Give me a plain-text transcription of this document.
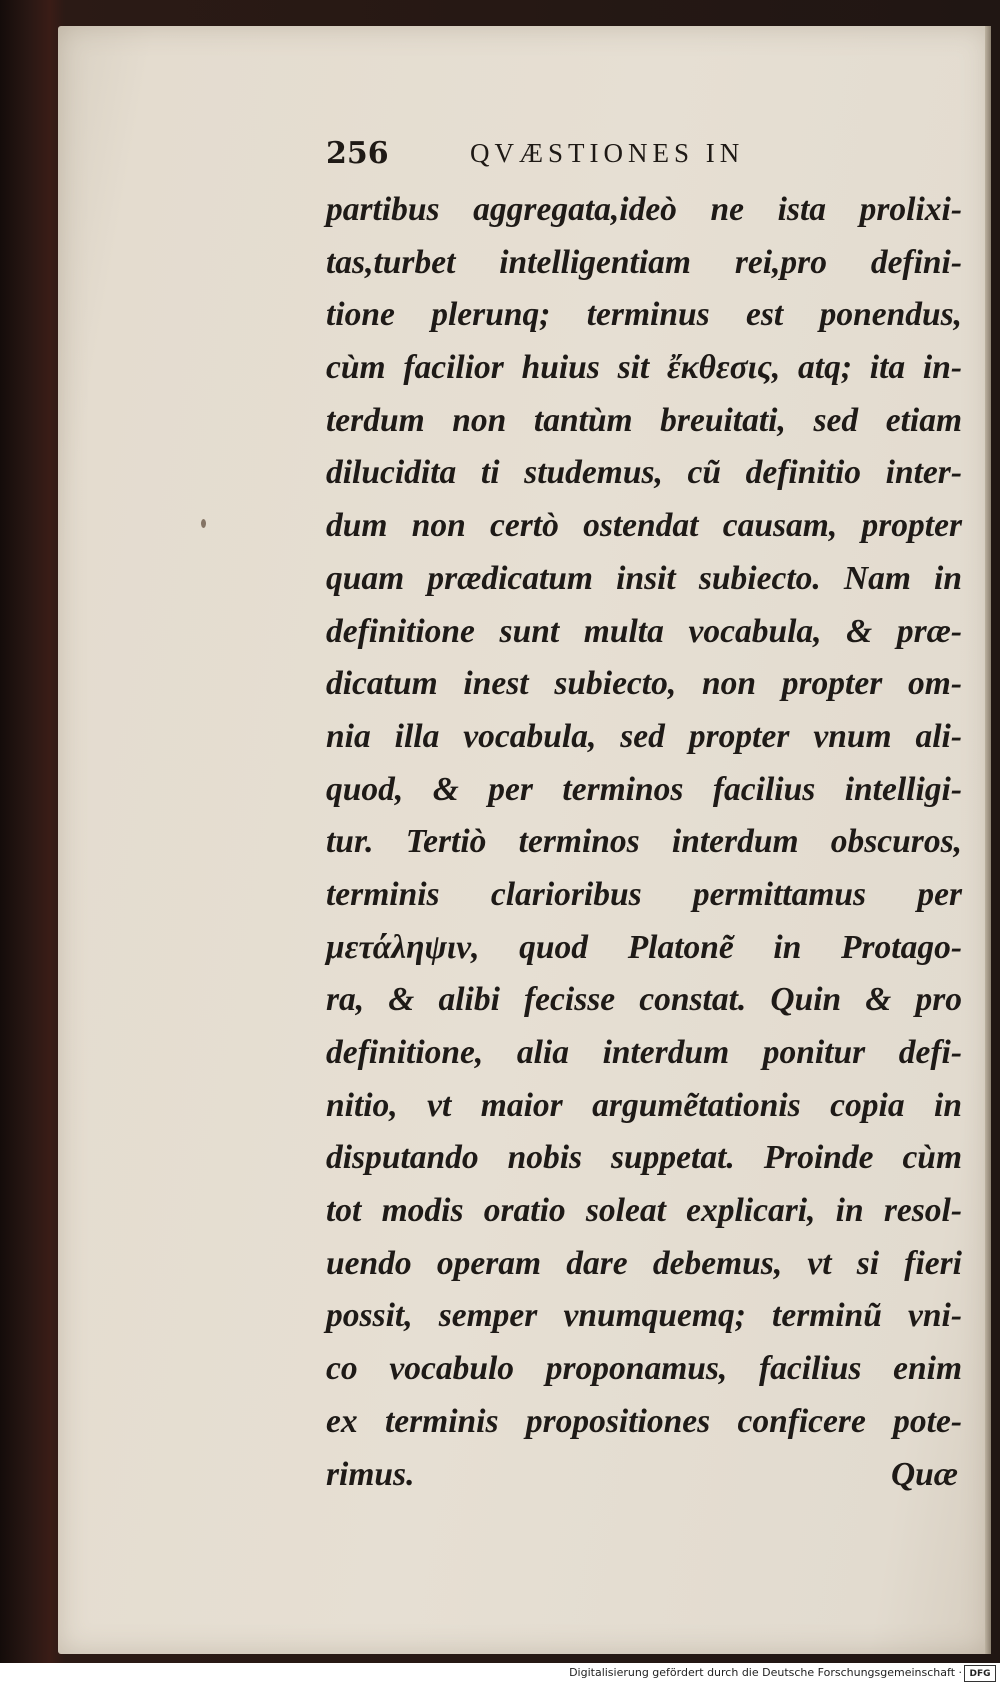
256	QVÆSTIONES IN
partibus aggregata,ideò ne ista prolixi-
tas,turbet intelligentiam rei,pro defini-
tione plerunq; terminus est ponendus,
cùm facilior huius sit ἔκθεσις, atq; ita in-
terdum non tantùm breuitati, sed etiam
dilucidita ti studemus, cũ definitio inter-
dum non certò ostendat causam, propter
quam prædicatum insit subiecto. Nam in
definitione sunt multa vocabula, & præ-
dicatum inest subiecto, non propter om-
nia illa vocabula, sed propter vnum ali-
quod, & per terminos facilius intelligi-
tur. Tertiò terminos interdum obscuros,
terminis clarioribus permittamus per
μετάληψιν, quod Platonẽ in Protago-
ra, & alibi fecisse constat. Quin & pro
definitione, alia interdum ponitur defi-
nitio, vt maior argumẽtationis copia in
disputando nobis suppetat. Proinde cùm
tot modis oratio soleat explicari, in resol-
uendo operam dare debemus, vt si fieri
possit, semper vnumquemq; terminũ vni-
co vocabulo proponamus, facilius enim
ex terminis propositiones conficere pote-
rimus.	Quæ
Digitalisierung gefördert durch die Deutsche Forschungsgemeinschaft · DFG
